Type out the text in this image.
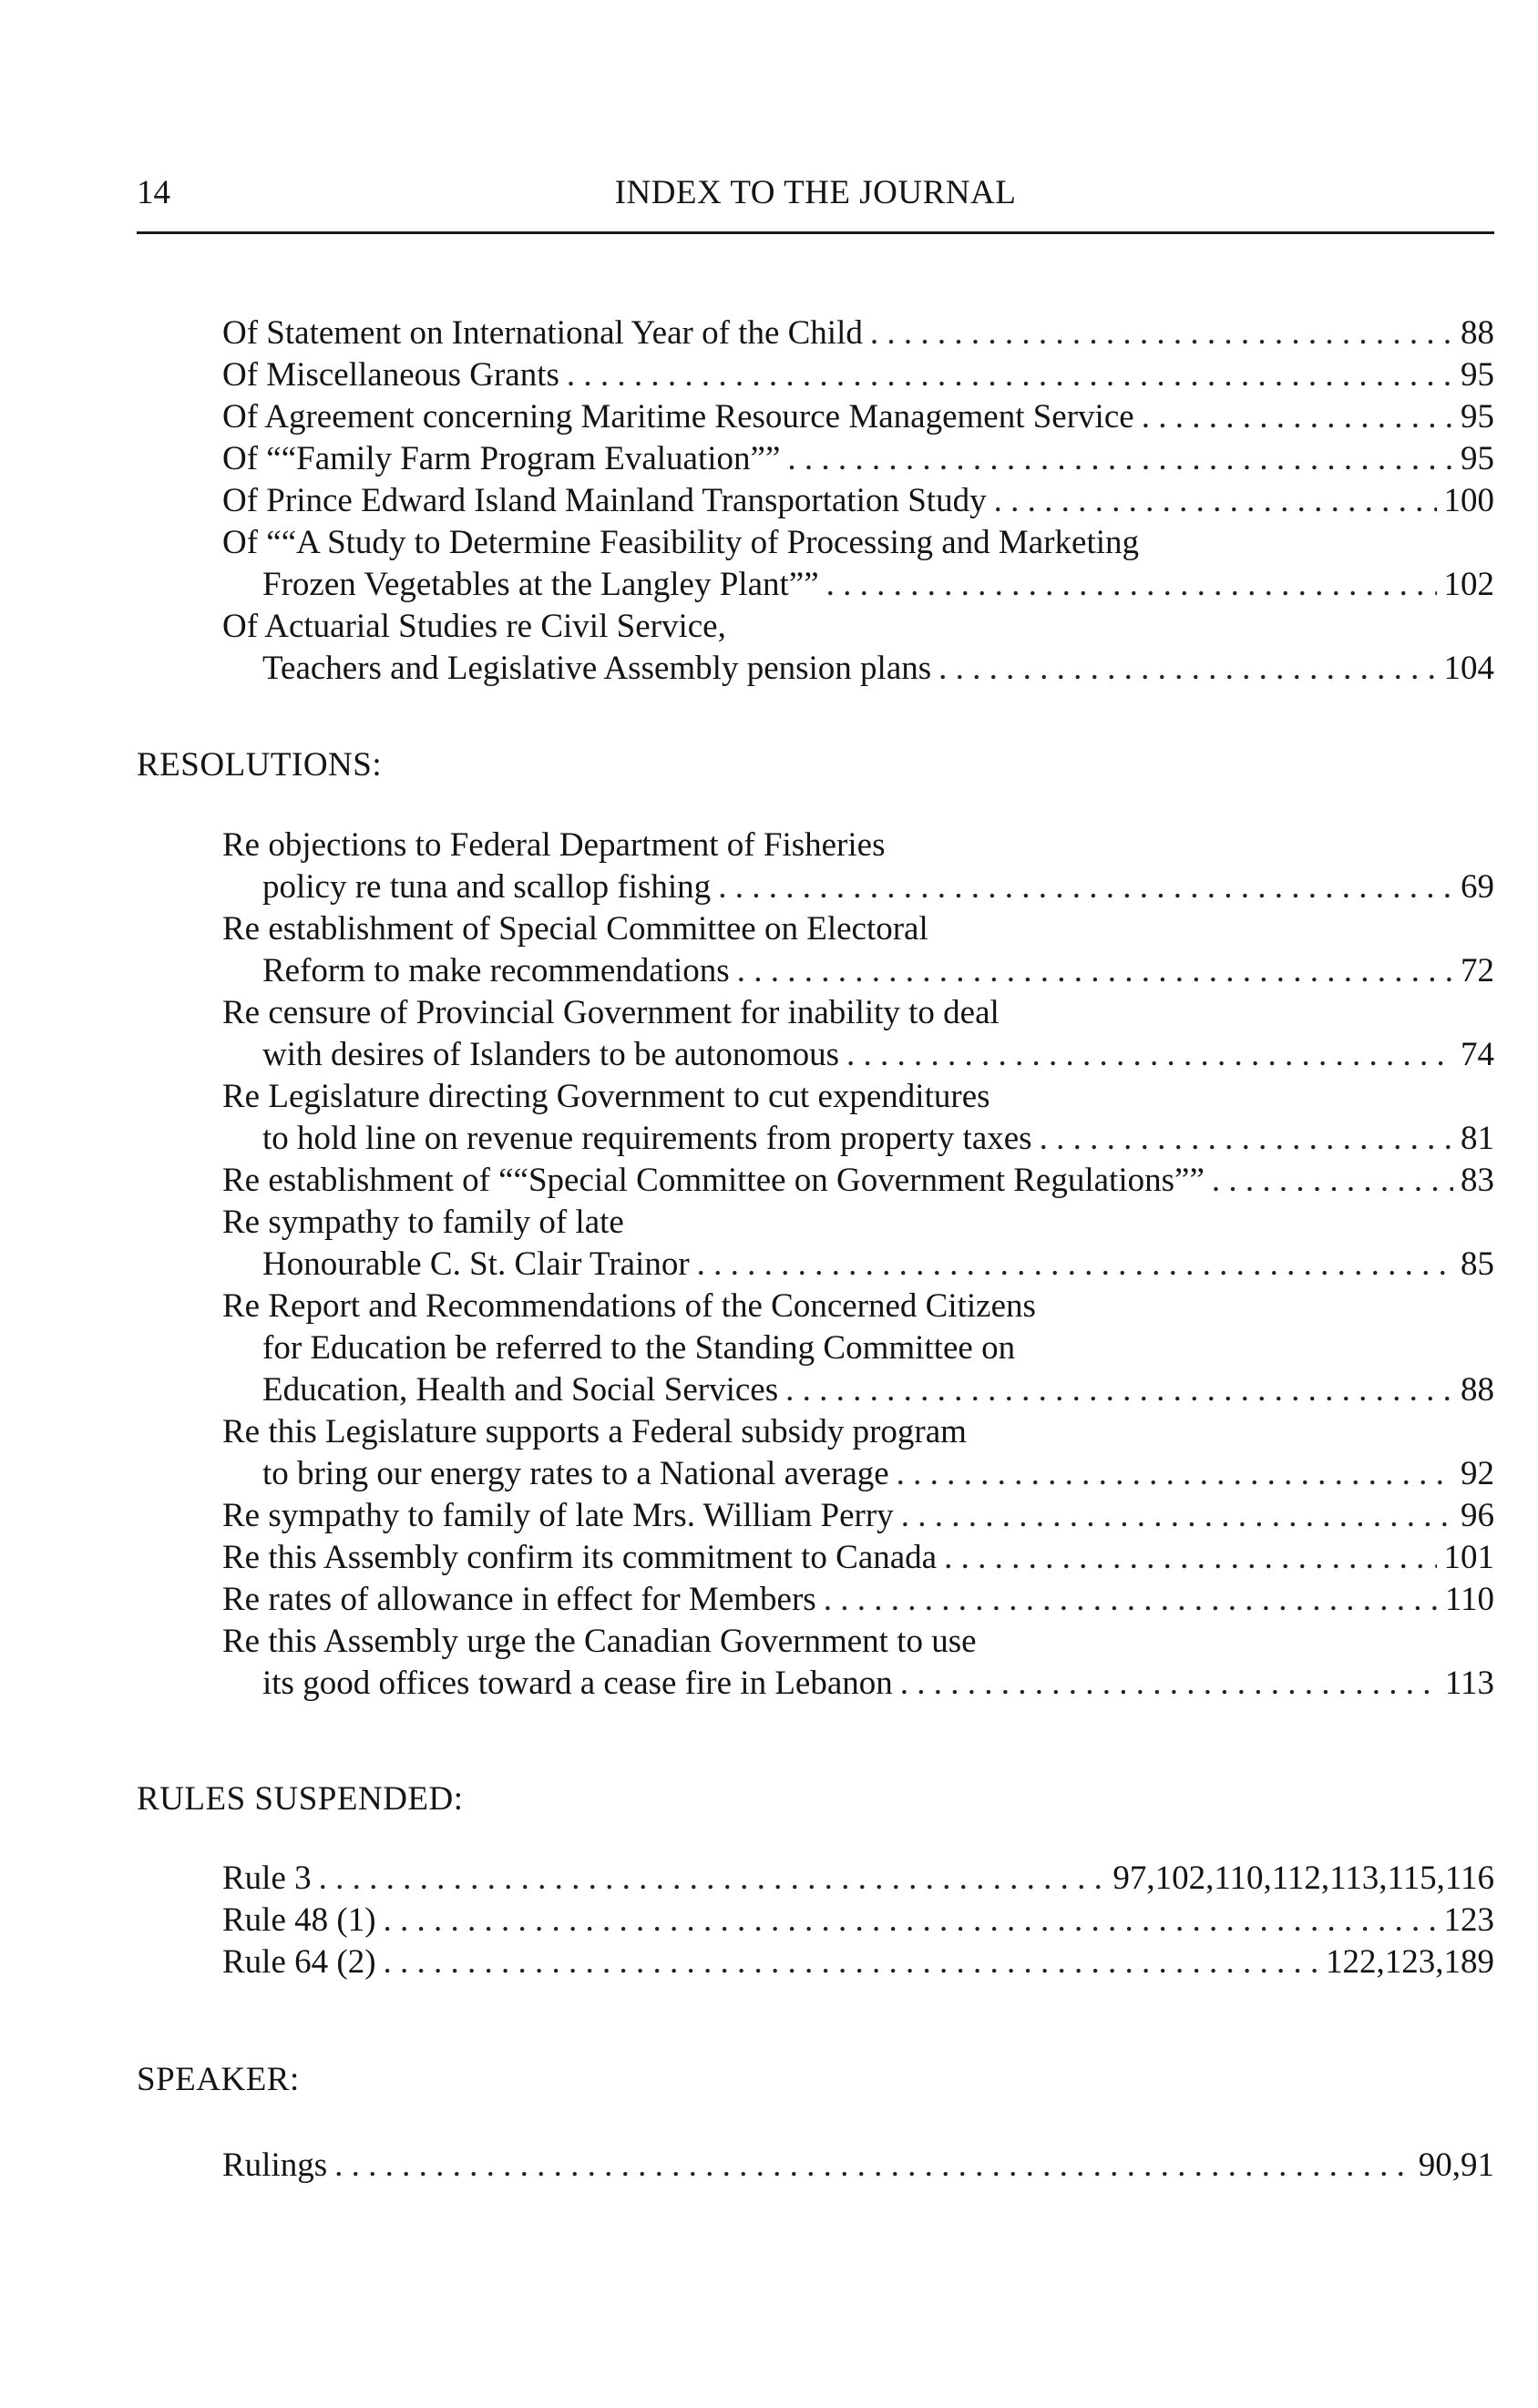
14	INDEX TO THE JOURNAL
Of Statement on International Year of the Child . . .	88
Of Miscellaneous Grants . . .	95
Of Agreement concerning Maritime Resource Management Service . . .	95
Of ““Family Farm Program Evaluation”” . . .	95
Of Prince Edward Island Mainland Transportation Study . . .	100
Of ““A Study to Determine Feasibility of Processing and Marketing
Frozen Vegetables at the Langley Plant”” . . .	102
Of Actuarial Studies re Civil Service,
Teachers and Legislative Assembly pension plans . . .	104
RESOLUTIONS:
Re objections to Federal Department of Fisheries
policy re tuna and scallop fishing . . .	69
Re establishment of Special Committee on Electoral
Reform to make recommendations . . .	72
Re censure of Provincial Government for inability to deal
with desires of Islanders to be autonomous . . .	74
Re Legislature directing Government to cut expenditures
to hold line on revenue requirements from property taxes . . .	81
Re establishment of ““Special Committee on Government Regulations”” . . .	83
Re sympathy to family of late
Honourable C. St. Clair Trainor . . .	85
Re Report and Recommendations of the Concerned Citizens
for Education be referred to the Standing Committee on
Education, Health and Social Services . . .	88
Re this Legislature supports a Federal subsidy program
to bring our energy rates to a National average . . .	92
Re sympathy to family of late Mrs. William Perry . . .	96
Re this Assembly confirm its commitment to Canada . . .	101
Re rates of allowance in effect for Members . . .	110
Re this Assembly urge the Canadian Government to use
its good offices toward a cease fire in Lebanon . . .	113
RULES SUSPENDED:
Rule 3 . . .	97,102,110,112,113,115,116
Rule 48 (1) . . .	123
Rule 64 (2) . . .	122,123,189
SPEAKER:
Rulings . . .	90,91
